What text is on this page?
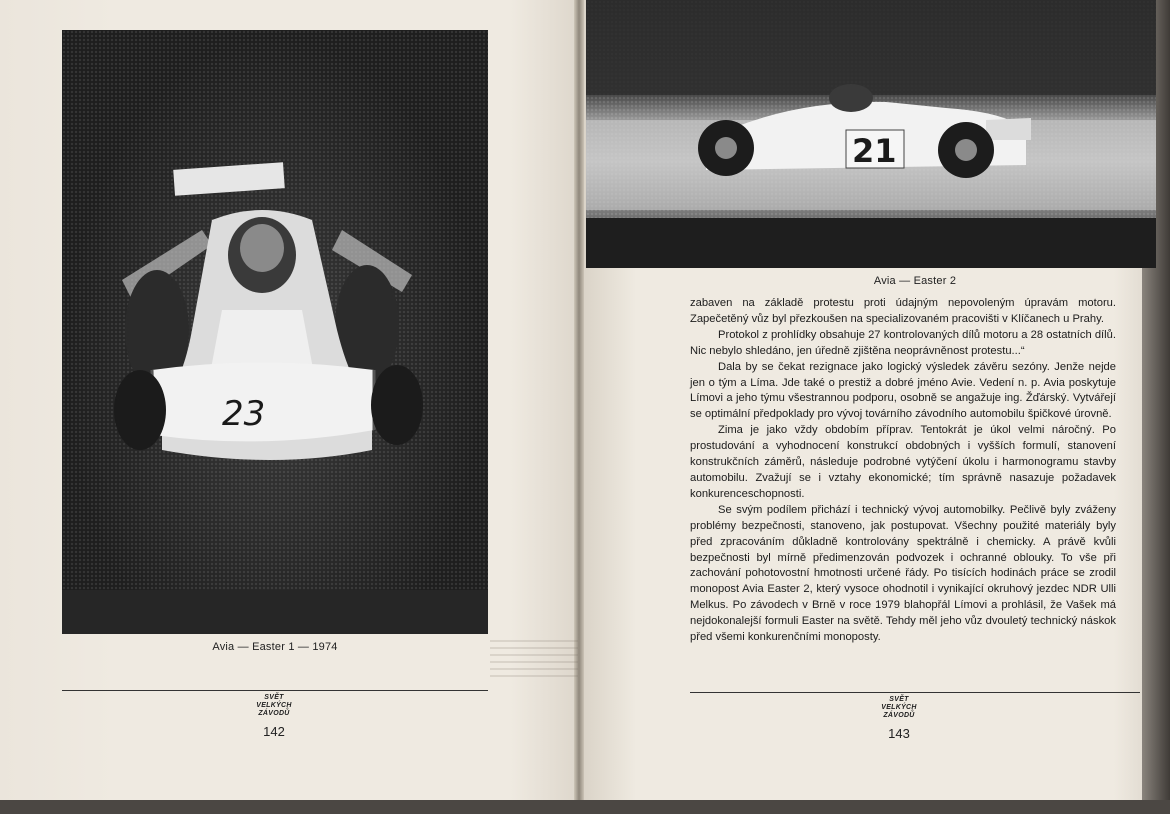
23
Avia — Easter 1 — 1974
SVĚT
VELKÝCH
ZÁVODŮ
142
21
Avia — Easter 2

zabaven na základě protestu proti údajným nepovoleným úpravám motoru. Zapečetěný vůz byl přezkoušen na specializovaném pracovišti v Klíčanech u Prahy.

Protokol z prohlídky obsahuje 27 kontrolovaných dílů motoru a 28 ostatních dílů. Nic nebylo shledáno, jen úředně zjištěna neoprávněnost protestu...“

Dala by se čekat rezignace jako logický výsledek závěru sezóny. Jenže nejde jen o tým a Líma. Jde také o prestiž a dobré jméno Avie. Vedení n. p. Avia poskytuje Límovi a jeho týmu všestrannou podporu, osobně se angažuje ing. Žďárský. Vytvářejí se optimální předpoklady pro vývoj továrního závodního automobilu špičkové úrovně.

Zima je jako vždy obdobím příprav. Tentokrát je úkol velmi náročný. Po prostudování a vyhodnocení konstrukcí obdobných i vyšších formulí, stanovení konstrukčních záměrů, následuje podrobné vytýčení úkolu i harmonogramu stavby automobilu. Zvažují se i vztahy ekonomické; tím správně nasazuje požadavek konkurenceschopnosti.

Se svým podílem přichází i technický vývoj automobilky. Pečlivě byly zváženy problémy bezpečnosti, stanoveno, jak postupovat. Všechny použité materiály byly před zpracováním důkladně kontrolovány spektrálně i chemicky. A právě kvůli bezpečnosti byl mírně předimenzován podvozek i ochranné oblouky. To vše při zachování pohotovostní hmotnosti určené řády. Po tisících hodinách práce se zrodil monopost Avia Easter 2, který vysoce ohodnotil i vynikající okruhový jezdec NDR Ulli Melkus. Po závodech v Brně v roce 1979 blahopřál Límovi a prohlásil, že Vašek má nejdokonalejší formuli Easter na světě. Tehdy měl jeho vůz dvouletý technický náskok před všemi konkurenčními monoposty.

SVĚT
VELKÝCH
ZÁVODŮ
143
